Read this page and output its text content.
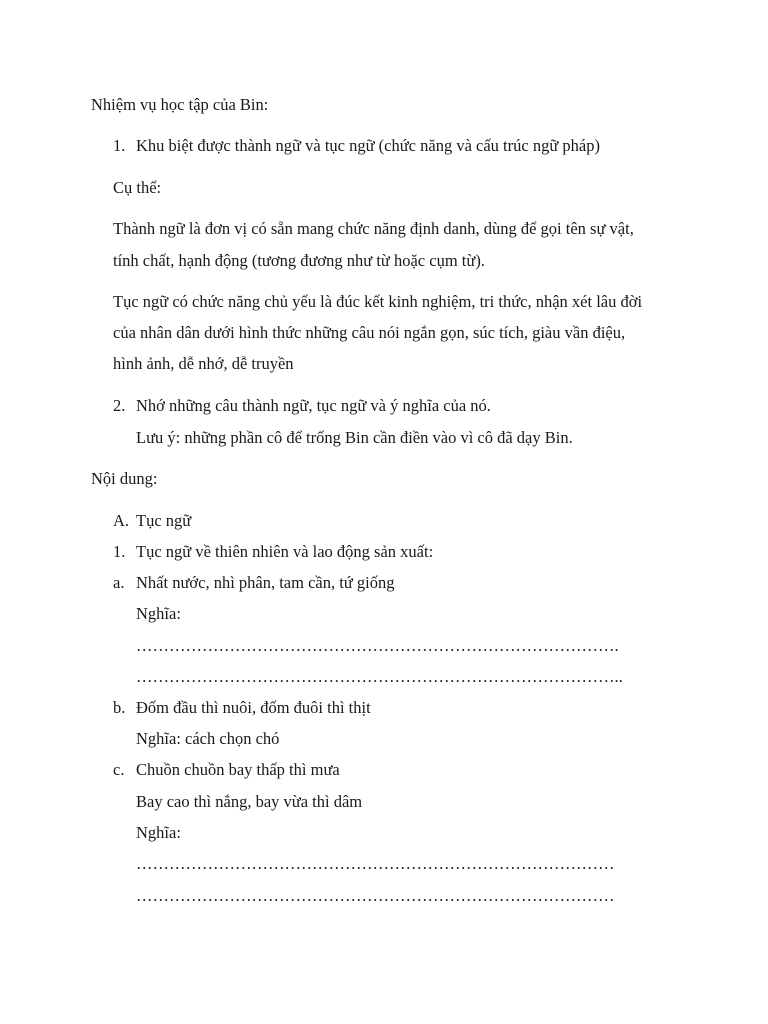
Nhiệm vụ học tập của Bin:
1. Khu biệt được thành ngữ và tục ngữ (chức năng và cấu trúc ngữ pháp)
Cụ thể:
Thành ngữ là đơn vị có sẵn mang chức năng định danh, dùng để gọi tên sự vật,
tính chất, hạnh động (tương đương như từ hoặc cụm từ).
Tục ngữ có chức năng chủ yếu là đúc kết kinh nghiệm, tri thức, nhận xét lâu đời
của nhân dân dưới hình thức những câu nói ngắn gọn, súc tích, giàu vần điệu,
hình ảnh, dễ nhớ, dễ truyền
2. Nhớ những câu thành ngữ, tục ngữ và ý nghĩa của nó.
Lưu ý: những phần cô để trống Bin cần điền vào vì cô đã dạy Bin.
Nội dung:
A. Tục ngữ
1. Tục ngữ về thiên nhiên và lao động sản xuất:
a. Nhất nước, nhì phân, tam cần, tứ giống
Nghĩa:
…………………………………………………………………………….
……………………………………………………………………………..
b. Đốm đầu thì nuôi, đốm đuôi thì thịt
Nghĩa: cách chọn chó
c. Chuồn chuồn bay thấp thì mưa
Bay cao thì nắng, bay vừa thì dâm
Nghĩa:
……………………………………………………………………………
……………………………………………………………………………
